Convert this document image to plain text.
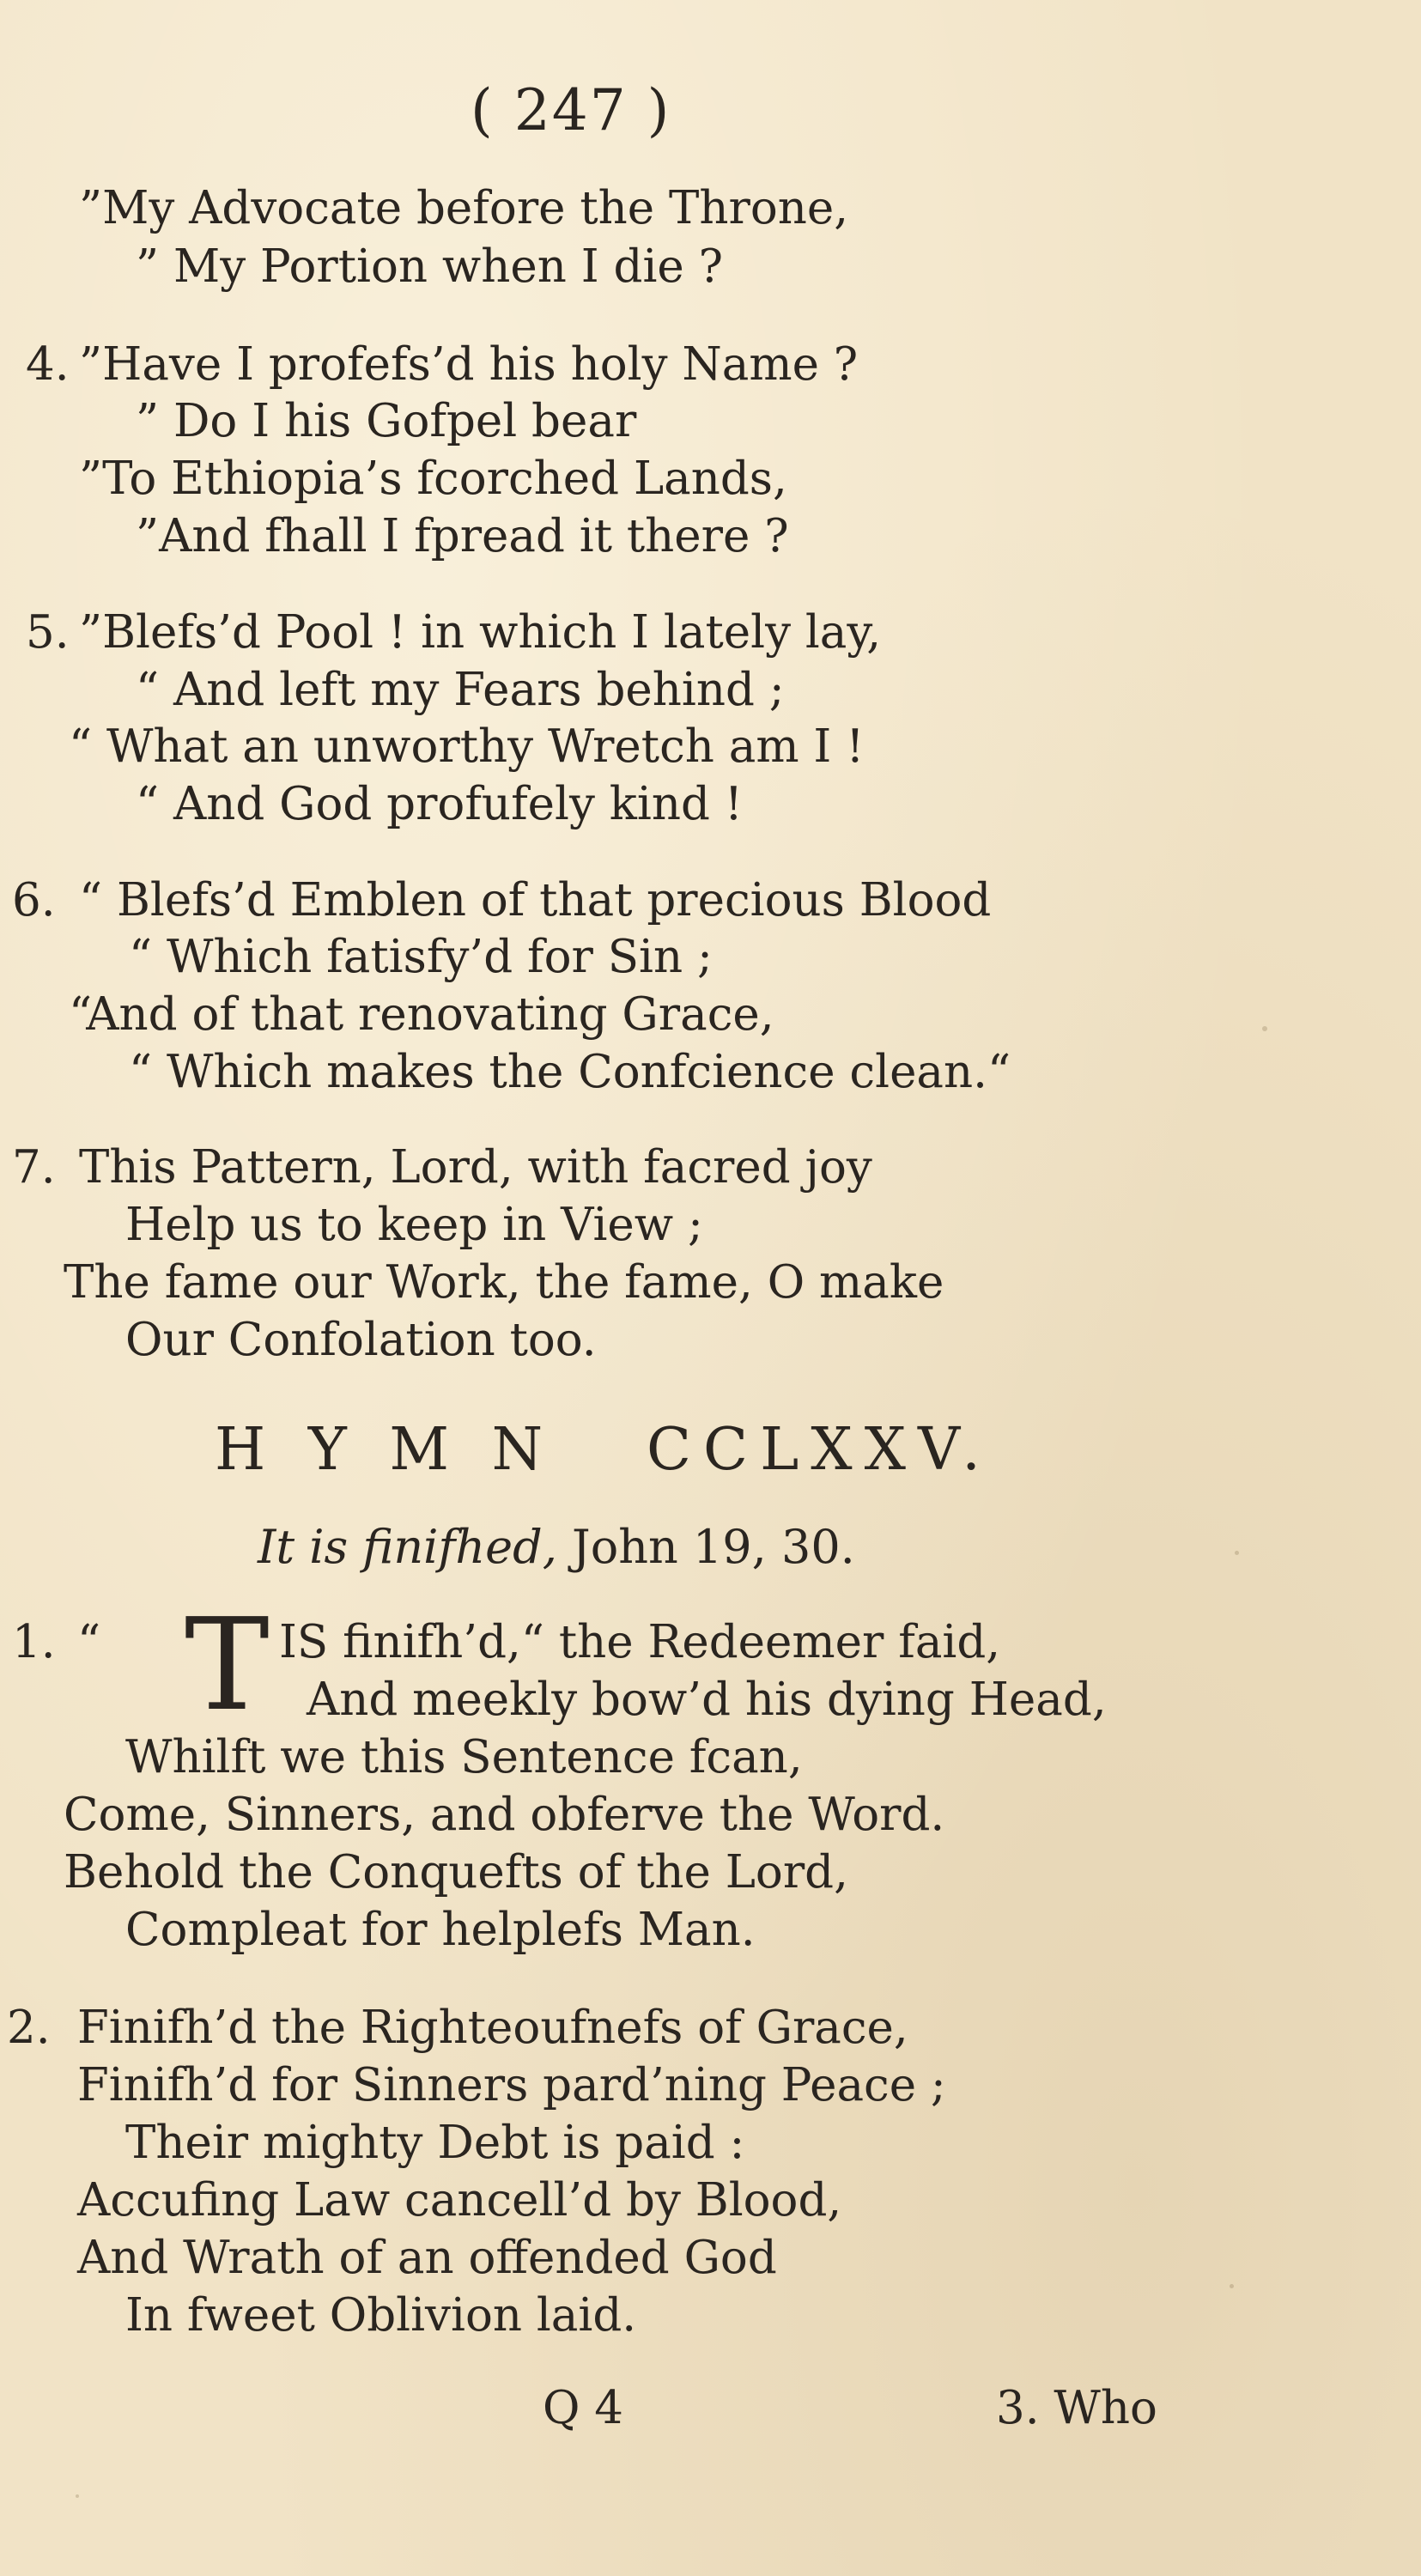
( 247 )
”My Advocate before the Throne,
” My Portion when I die ?
4. ”Have I profefs’d his holy Name ?
” Do I his Gofpel bear
”To Ethiopia’s fcorched Lands,
”And fhall I fpread it there ?
5. ”Blefs’d Pool ! in which I lately lay,
“ And left my Fears behind ;
“ What an unworthy Wretch am I !
“ And God profufely kind !
6. “ Blefs’d Emblen of that precious Blood
“ Which fatisfy’d for Sin ;
“And of that renovating Grace,
“ Which makes the Confcience clean.“
7. This Pattern, Lord, with facred joy
Help us to keep in View ;
The fame our Work, the fame, O make
Our Confolation too.
H Y M N   CCLXXV.
It is finifhed, John 19, 30.
1. “ T IS finifh’d,“ the Redeemer faid,
And meekly bow’d his dying Head,
Whilft we this Sentence fcan,
Come, Sinners, and obferve the Word.
Behold the Conquefts of the Lord,
Compleat for helplefs Man.
2. Finifh’d the Righteoufnefs of Grace,
Finifh’d for Sinners pard’ning Peace ;
Their mighty Debt is paid :
Accufing Law cancell’d by Blood,
And Wrath of an offended God
In fweet Oblivion laid.
Q 4	3. Who
